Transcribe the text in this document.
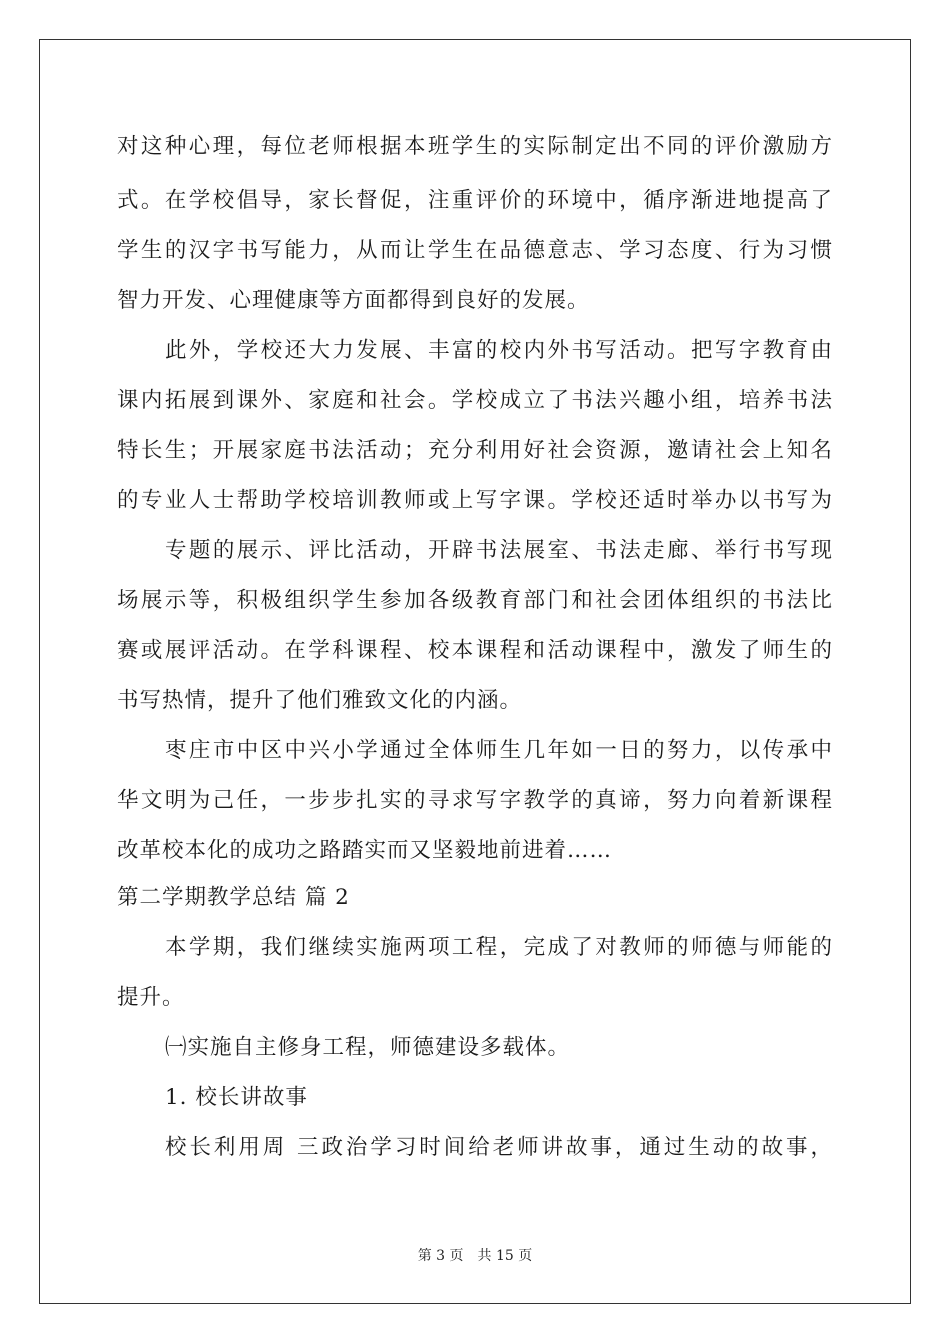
对这种心理，每位老师根据本班学生的实际制定出不同的评价激励方
式。在学校倡导，家长督促，注重评价的环境中，循序渐进地提高了
学生的汉字书写能力，从而让学生在品德意志、学习态度、行为习惯
智力开发、心理健康等方面都得到良好的发展。
此外，学校还大力发展、丰富的校内外书写活动。把写字教育由
课内拓展到课外、家庭和社会。学校成立了书法兴趣小组，培养书法
特长生；开展家庭书法活动；充分利用好社会资源，邀请社会上知名
的专业人士帮助学校培训教师或上写字课。学校还适时举办以书写为
专题的展示、评比活动，开辟书法展室、书法走廊、举行书写现
场展示等，积极组织学生参加各级教育部门和社会团体组织的书法比
赛或展评活动。在学科课程、校本课程和活动课程中，激发了师生的
书写热情，提升了他们雅致文化的内涵。
枣庄市中区中兴小学通过全体师生几年如一日的努力，以传承中
华文明为己任，一步步扎实的寻求写字教学的真谛，努力向着新课程
改革校本化的成功之路踏实而又坚毅地前进着……
第二学期教学总结 篇 2
本学期，我们继续实施两项工程，完成了对教师的师德与师能的
提升。
㈠实施自主修身工程，师德建设多载体。
1. 校长讲故事
校长利用周 三政治学习时间给老师讲故事，通过生动的故事，
第 3 页 共 15 页
